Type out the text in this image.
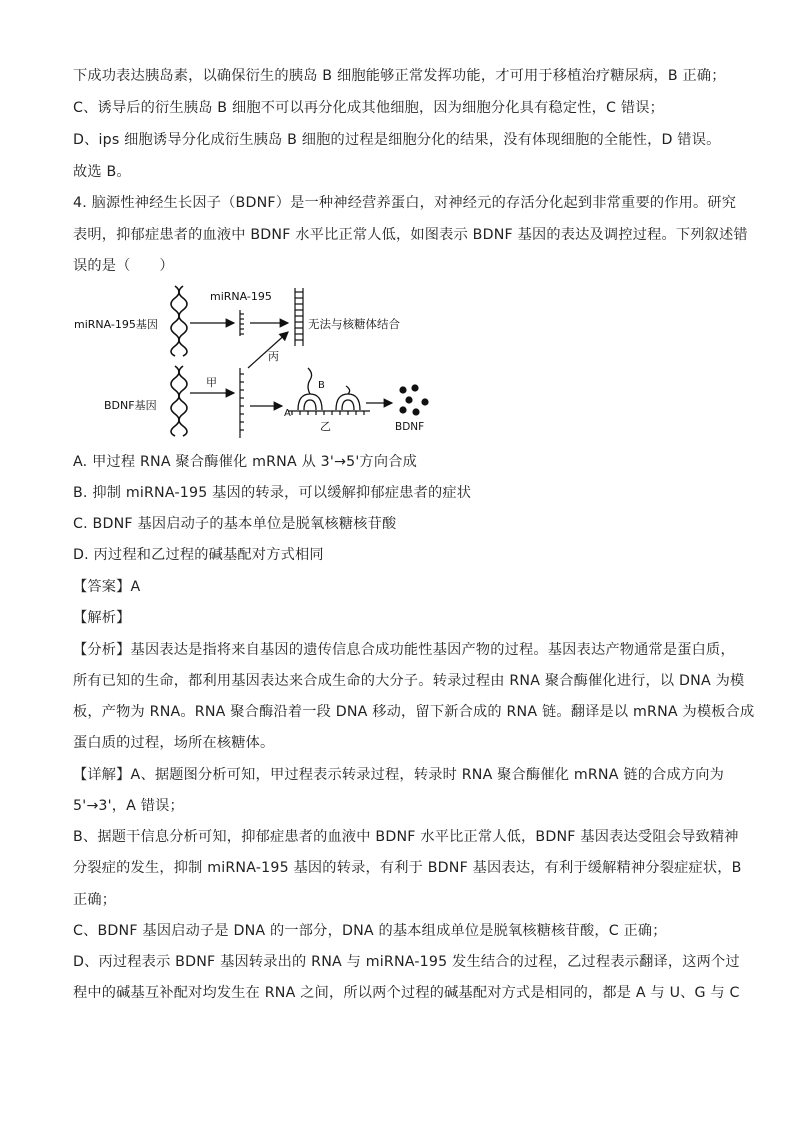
下成功表达胰岛素，以确保衍生的胰岛 B 细胞能够正常发挥功能，才可用于移植治疗糖尿病，B 正确；
C、诱导后的衍生胰岛 B 细胞不可以再分化成其他细胞，因为细胞分化具有稳定性，C 错误；
D、ips 细胞诱导分化成衍生胰岛 B 细胞的过程是细胞分化的结果，没有体现细胞的全能性，D 错误。
故选 B。
4. 脑源性神经生长因子（BDNF）是一种神经营养蛋白，对神经元的存活分化起到非常重要的作用。研究
表明，抑郁症患者的血液中 BDNF 水平比正常人低，如图表示 BDNF 基因的表达及调控过程。下列叙述错
误的是（　　）
A. 甲过程 RNA 聚合酶催化 mRNA 从 3'→5'方向合成
B. 抑制 miRNA-195 基因的转录，可以缓解抑郁症患者的症状
C. BDNF 基因启动子的基本单位是脱氧核糖核苷酸
D. 丙过程和乙过程的碱基配对方式相同
【答案】A
【解析】
【分析】基因表达是指将来自基因的遗传信息合成功能性基因产物的过程。基因表达产物通常是蛋白质，
所有已知的生命，都利用基因表达来合成生命的大分子。转录过程由 RNA 聚合酶催化进行，以 DNA 为模
板，产物为 RNA。RNA 聚合酶沿着一段 DNA 移动，留下新合成的 RNA 链。翻译是以 mRNA 为模板合成
蛋白质的过程，场所在核糖体。
【详解】A、据题图分析可知，甲过程表示转录过程，转录时 RNA 聚合酶催化 mRNA 链的合成方向为
5'→3'，A 错误；
B、据题干信息分析可知，抑郁症患者的血液中 BDNF 水平比正常人低，BDNF 基因表达受阻会导致精神
分裂症的发生，抑制 miRNA-195 基因的转录，有利于 BDNF 基因表达，有利于缓解精神分裂症症状，B
正确；
C、BDNF 基因启动子是 DNA 的一部分，DNA 的基本组成单位是脱氧核糖核苷酸，C 正确；
D、丙过程表示 BDNF 基因转录出的 RNA 与 miRNA-195 发生结合的过程，乙过程表示翻译，这两个过
程中的碱基互补配对均发生在 RNA 之间，所以两个过程的碱基配对方式是相同的，都是 A 与 U、G 与 C
miRNA-195基因
BDNF基因
miRNA-195
无法与核糖体结合
甲
丙
A
B
乙	BDNF
